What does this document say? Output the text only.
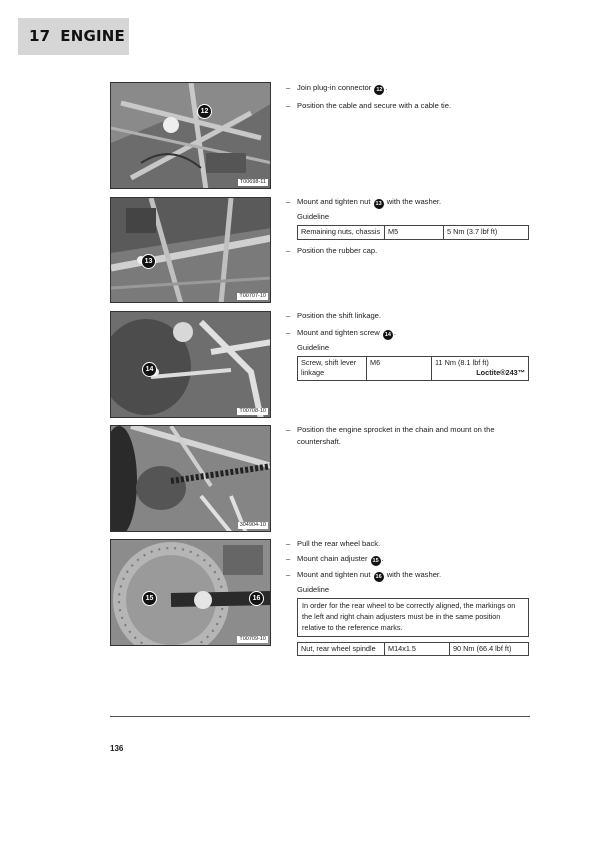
17 ENGINE
12
T00698-11
13
T00707-10
14
T00708-10
304904-10
15	16
T00709-10
– Join plug-in connector 12 .
– Position the cable and secure with a cable tie.
– Mount and tighten nut 13 with the washer.
Guideline
Remaining nuts, chassis	M5	5 Nm (3.7 lbf ft)
– Position the rubber cap.
– Position the shift linkage.
– Mount and tighten screw 14 .
Guideline
Screw, shift lever linkage	M6	11 Nm (8.1 lbf ft)
Loctite®243™
– Position the engine sprocket in the chain and mount on the countershaft.
– Pull the rear wheel back.
– Mount chain adjuster 15 .
– Mount and tighten nut 16 with the washer.
Guideline
In order for the rear wheel to be correctly aligned, the markings on the left and right chain adjusters must be in the same position relative to the reference marks.
Nut, rear wheel spindle	M14x1.5	90 Nm (66.4 lbf ft)
136
